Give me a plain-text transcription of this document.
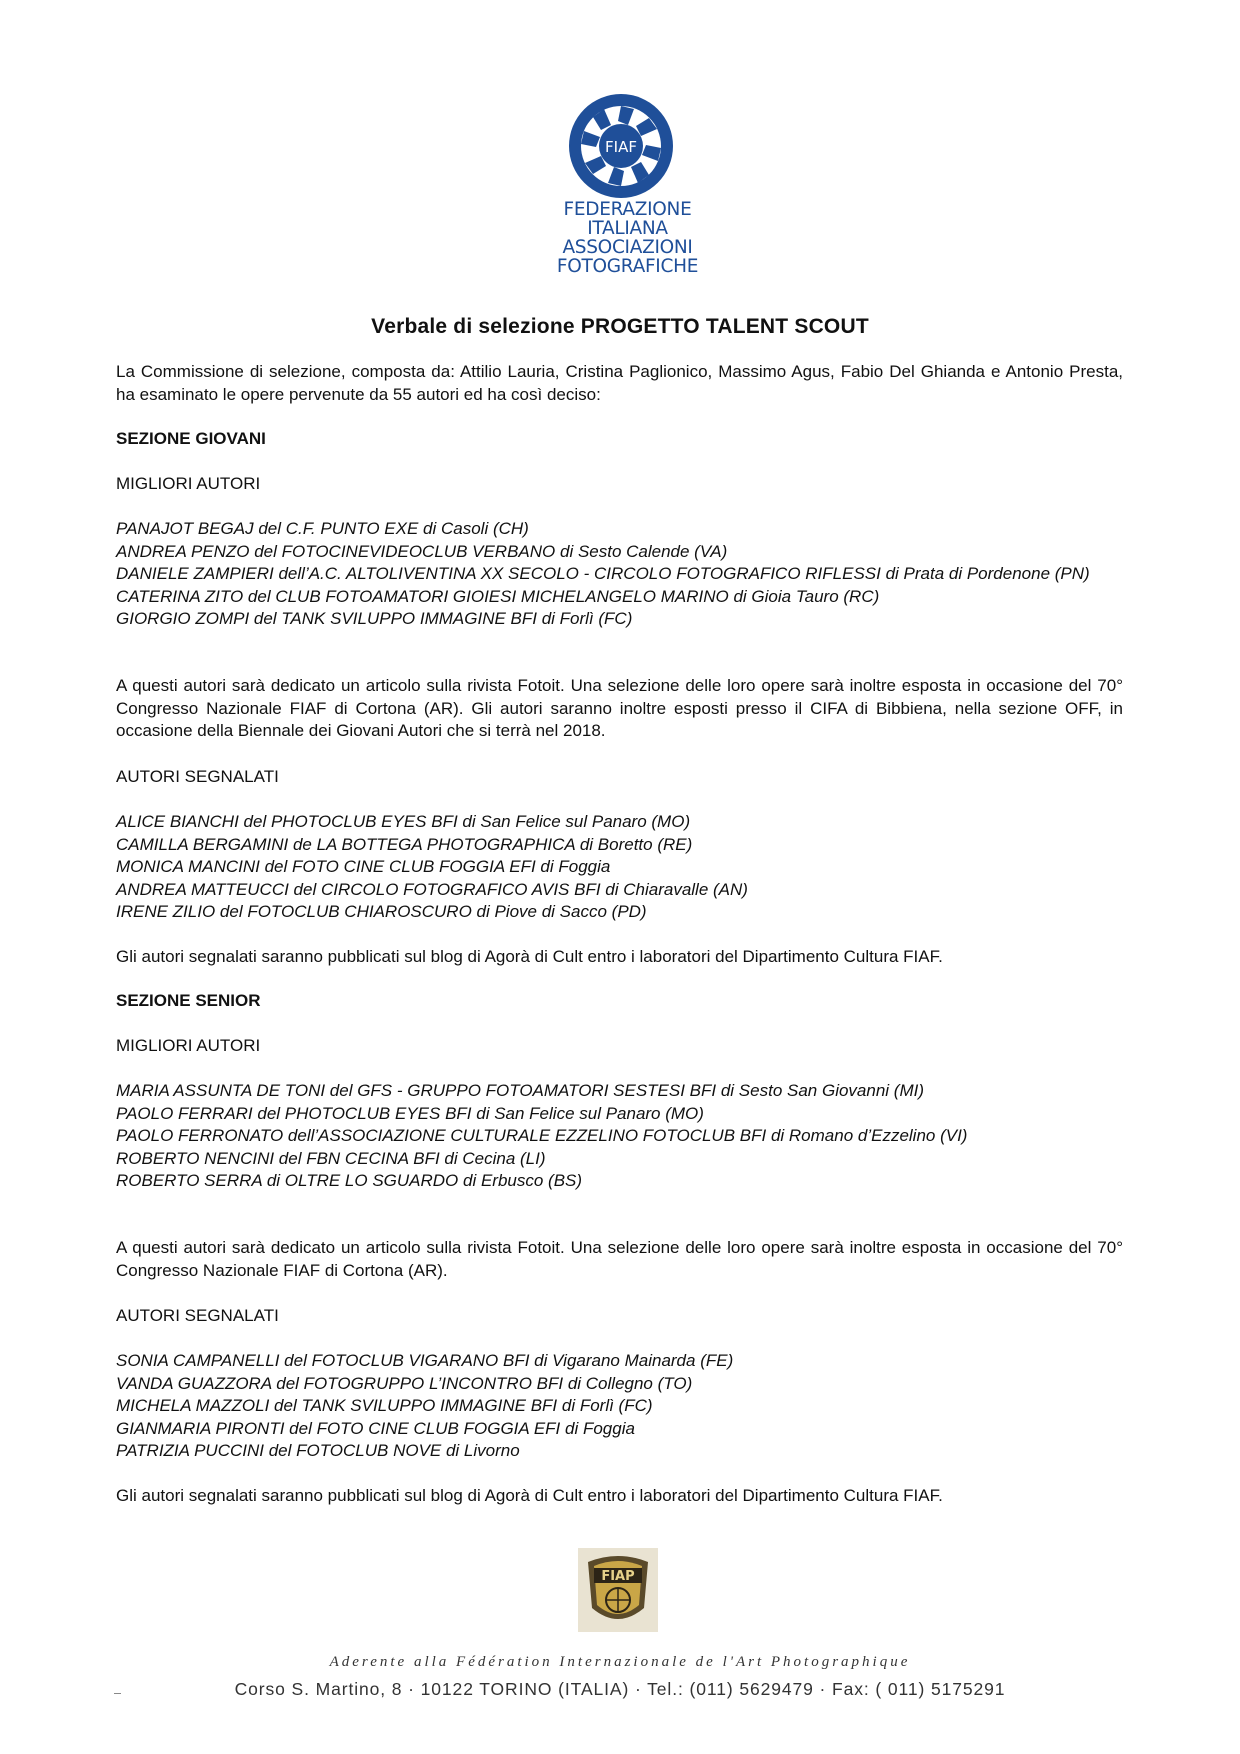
FIAF
FEDERAZIONE
ITALIANA
ASSOCIAZIONI
FOTOGRAFICHE
Verbale di selezione PROGETTO TALENT SCOUT

La Commissione di selezione, composta da: Attilio Lauria, Cristina Paglionico, Massimo Agus, Fabio Del Ghianda e Antonio Presta, ha esaminato le opere pervenute da 55 autori ed ha così deciso:

SEZIONE GIOVANI

MIGLIORI AUTORI

PANAJOT BEGAJ del C.F. PUNTO EXE di Casoli (CH)

ANDREA PENZO del FOTOCINEVIDEOCLUB VERBANO di Sesto Calende (VA)

DANIELE ZAMPIERI dell’A.C. ALTOLIVENTINA XX SECOLO - CIRCOLO FOTOGRAFICO RIFLESSI di Prata di Pordenone (PN)

CATERINA ZITO del CLUB FOTOAMATORI GIOIESI MICHELANGELO MARINO di Gioia Tauro (RC)

GIORGIO ZOMPI del TANK SVILUPPO IMMAGINE BFI di Forlì (FC)

A questi autori sarà dedicato un articolo sulla rivista Fotoit. Una selezione delle loro opere sarà inoltre esposta in occasione del 70° Congresso Nazionale FIAF di Cortona (AR). Gli autori saranno inoltre esposti presso il CIFA di Bibbiena, nella sezione OFF, in occasione della Biennale dei Giovani Autori che si terrà nel 2018.

AUTORI SEGNALATI

ALICE BIANCHI del PHOTOCLUB EYES BFI di San Felice sul Panaro (MO)

CAMILLA BERGAMINI de LA BOTTEGA PHOTOGRAPHICA di Boretto (RE)

MONICA MANCINI del FOTO CINE CLUB FOGGIA EFI di Foggia

ANDREA MATTEUCCI del CIRCOLO FOTOGRAFICO AVIS BFI di Chiaravalle (AN)

IRENE ZILIO del FOTOCLUB CHIAROSCURO di Piove di Sacco (PD)

Gli autori segnalati saranno pubblicati sul blog di Agorà di Cult entro i laboratori del Dipartimento Cultura FIAF.

SEZIONE SENIOR

MIGLIORI AUTORI

MARIA ASSUNTA DE TONI del GFS - GRUPPO FOTOAMATORI SESTESI BFI di Sesto San Giovanni (MI)

PAOLO FERRARI del PHOTOCLUB EYES BFI di San Felice sul Panaro (MO)

PAOLO FERRONATO dell’ASSOCIAZIONE CULTURALE EZZELINO FOTOCLUB BFI di Romano d’Ezzelino (VI)

ROBERTO NENCINI del FBN CECINA BFI di Cecina (LI)

ROBERTO SERRA di OLTRE LO SGUARDO di Erbusco (BS)

A questi autori sarà dedicato un articolo sulla rivista Fotoit. Una selezione delle loro opere sarà inoltre esposta in occasione del 70° Congresso Nazionale FIAF di Cortona (AR).

AUTORI SEGNALATI

SONIA CAMPANELLI del FOTOCLUB VIGARANO BFI di Vigarano Mainarda (FE)

VANDA GUAZZORA del FOTOGRUPPO L’INCONTRO BFI di Collegno (TO)

MICHELA MAZZOLI del TANK SVILUPPO IMMAGINE BFI di Forlì (FC)

GIANMARIA PIRONTI del FOTO CINE CLUB FOGGIA EFI di Foggia

PATRIZIA PUCCINI del FOTOCLUB NOVE di Livorno

Gli autori segnalati saranno pubblicati sul blog di Agorà di Cult entro i laboratori del Dipartimento Cultura FIAF.

FIAP
Aderente alla Fédération Internazionale de l'Art Photographique
Corso S. Martino, 8 · 10122 TORINO (ITALIA) · Tel.: (011) 5629479 · Fax: ( 011) 5175291
